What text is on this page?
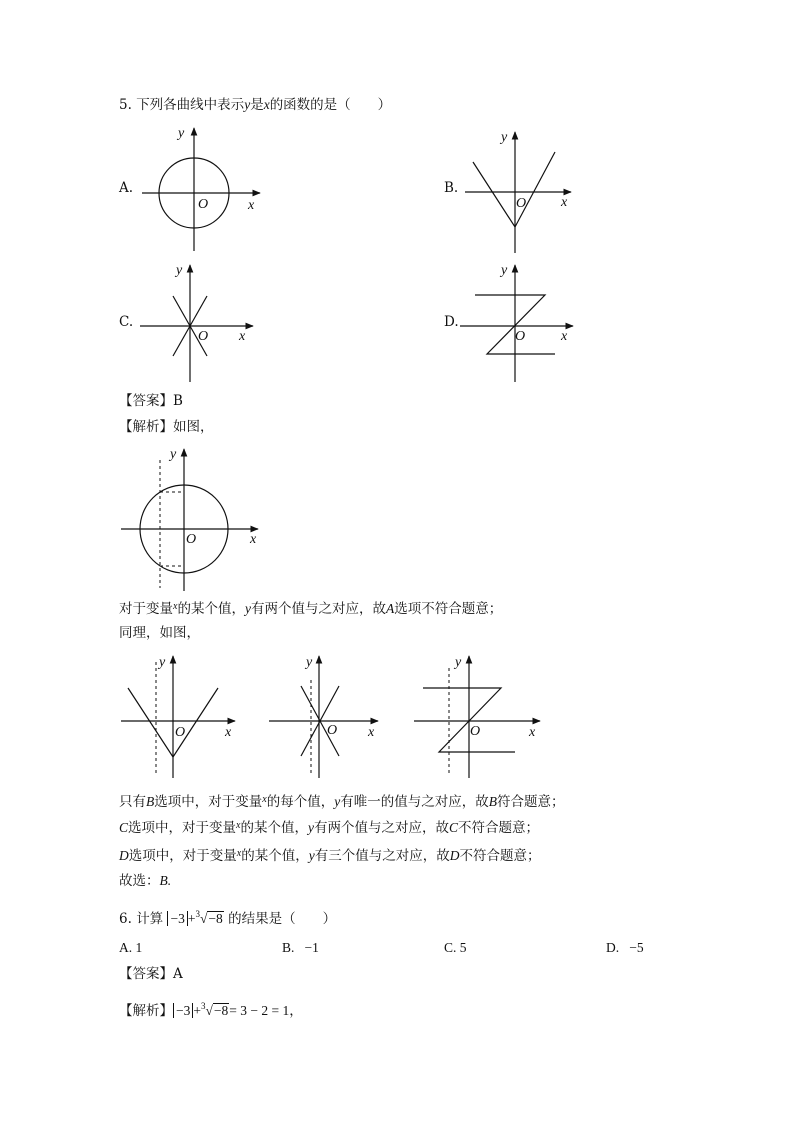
5. 下列各曲线中表示y是x的函数的是（　　）
A.	B.
C.	D.
y
O	x
y
O x
y
O x
y
O	x
【答案】B
【解析】如图，
y
O	x
对于变量$^x$的某个值，y有两个值与之对应，故A选项不符合题意；
同理，如图，
y
O	x
y
O x
y
O	x
只有B选项中，对于变量$^x$的每个值，y有唯一的值与之对应，故B符合题意；
C选项中，对于变量$^x$的某个值，y有两个值与之对应，故C不符合题意；
D选项中，对于变量$^x$的某个值，y有三个值与之对应，故D不符合题意；
故选：B.
6. 计算 −3 +$^3$√−8 的结果是（　　）
A. 1	B. −1	C. 5	D. −5
【答案】A
【解析】 −3 +$^3$√−8= 3 − 2 = 1，
